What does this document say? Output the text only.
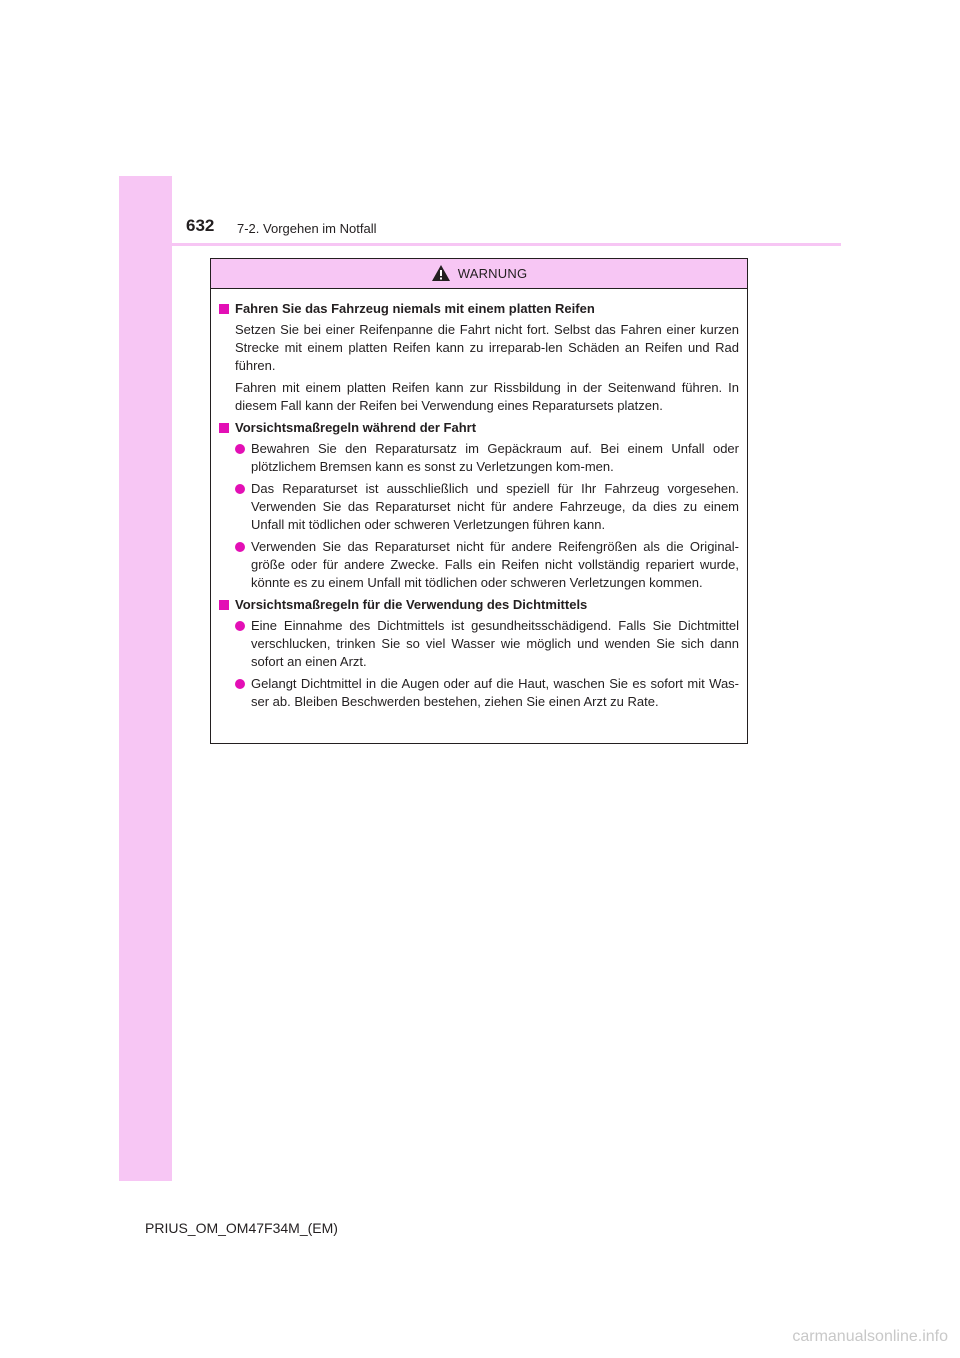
632 7-2. Vorgehen im Notfall
WARNUNG
Fahren Sie das Fahrzeug niemals mit einem platten Reifen

Setzen Sie bei einer Reifenpanne die Fahrt nicht fort. Selbst das Fahren einer kurzen Strecke mit einem platten Reifen kann zu irreparab-len Schäden an Reifen und Rad führen.

Fahren mit einem platten Reifen kann zur Rissbildung in der Seitenwand führen. In diesem Fall kann der Reifen bei Verwendung eines Reparatursets platzen.

Vorsichtsmaßregeln während der Fahrt
Bewahren Sie den Reparatursatz im Gepäckraum auf. Bei einem Unfall oder plötzlichem Bremsen kann es sonst zu Verletzungen kom-men.
Das Reparaturset ist ausschließlich und speziell für Ihr Fahrzeug vorgesehen. Verwenden Sie das Reparaturset nicht für andere Fahrzeuge, da dies zu einem Unfall mit tödlichen oder schweren Verletzungen führen kann.
Verwenden Sie das Reparaturset nicht für andere Reifengrößen als die Original-größe oder für andere Zwecke. Falls ein Reifen nicht vollständig repariert wurde, könnte es zu einem Unfall mit tödlichen oder schweren Verletzungen kommen.
Vorsichtsmaßregeln für die Verwendung des Dichtmittels
Eine Einnahme des Dichtmittels ist gesundheitsschädigend. Falls Sie Dichtmittel verschlucken, trinken Sie so viel Wasser wie möglich und wenden Sie sich dann sofort an einen Arzt.
Gelangt Dichtmittel in die Augen oder auf die Haut, waschen Sie es sofort mit Was-ser ab. Bleiben Beschwerden bestehen, ziehen Sie einen Arzt zu Rate.
PRIUS_OM_OM47F34M_(EM)
carmanualsonline.info
